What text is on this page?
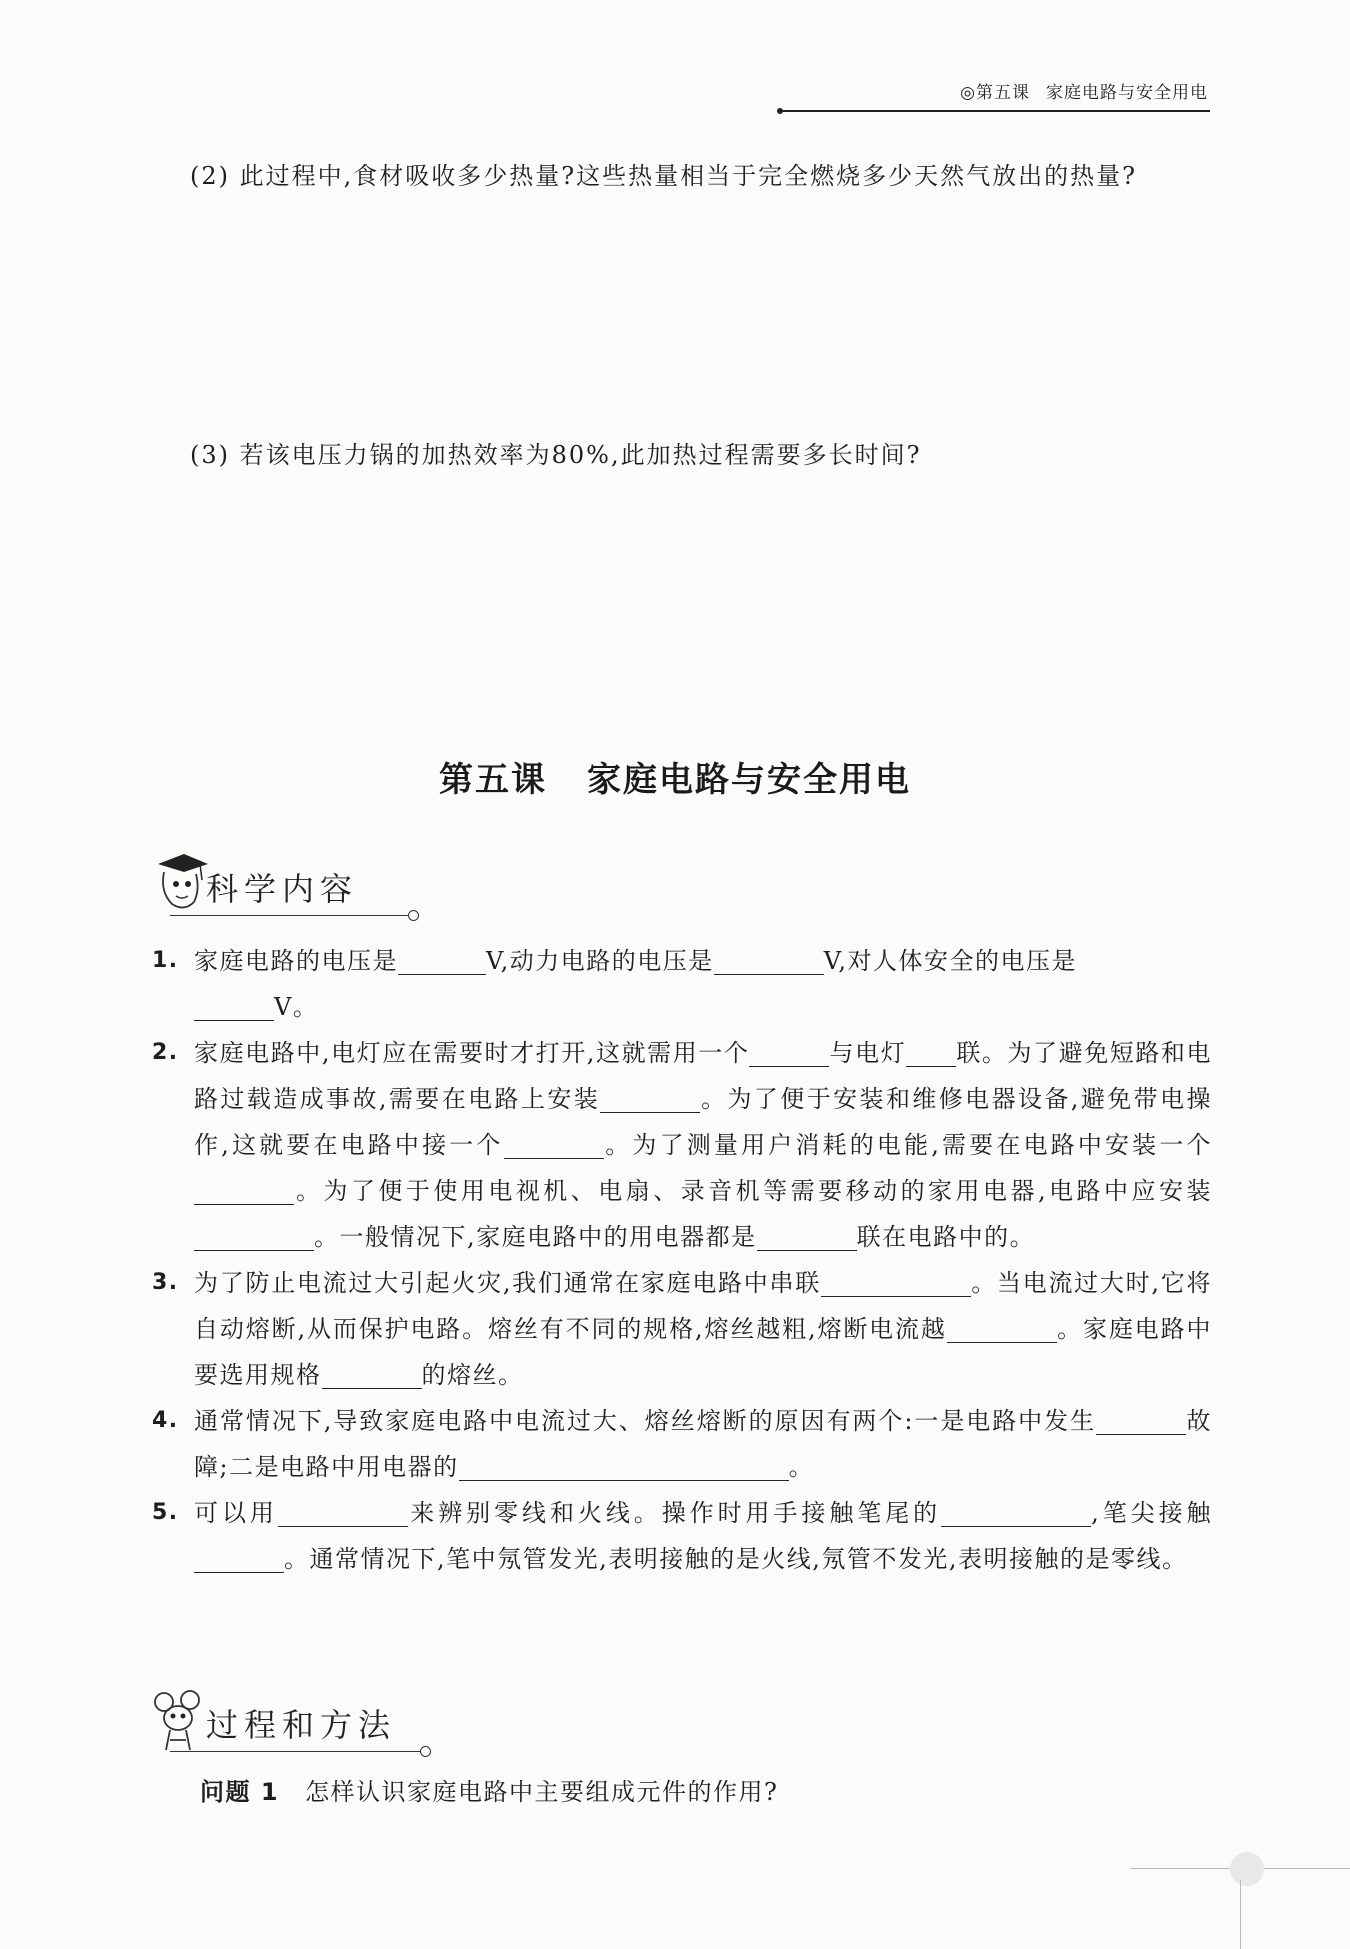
◎第五课 家庭电路与安全用电
(2) 此过程中,食材吸收多少热量?这些热量相当于完全燃烧多少天然气放出的热量?
(3) 若该电压力锅的加热效率为80%,此加热过程需要多长时间?
第五课 家庭电路与安全用电
科学内容
1. 家庭电路的电压是	V,动力电路的电压是	V,对人体安全的电压是
V。
2. 家庭电路中,电灯应在需要时才打开,这就需用一个	与电灯 联。为了避免短路和电路过载造成事故,需要在电路上安装	。为了便于安装和维修电器设备,避免带电操作,这就要在电路中接一个	。为了测量用户消耗的电能,需要在电路中安装一个。为了便于使用电视机、电扇、录音机等需要移动的家用电器,电路中应安装。一般情况下,家庭电路中的用电器都是	联在电路中的。
3. 为了防止电流过大引起火灾,我们通常在家庭电路中串联	。当电流过大时,它将自动熔断,从而保护电路。熔丝有不同的规格,熔丝越粗,熔断电流越	。家庭电路中要选用规格	的熔丝。
4. 通常情况下,导致家庭电路中电流过大、熔丝熔断的原因有两个:一是电路中发生	故障;二是电路中用电器的	。
5. 可以用	来辨别零线和火线。操作时用手接触笔尾的	,笔尖接触。通常情况下,笔中氖管发光,表明接触的是火线,氖管不发光,表明接触的是零线。
过程和方法
问题 1 怎样认识家庭电路中主要组成元件的作用?
